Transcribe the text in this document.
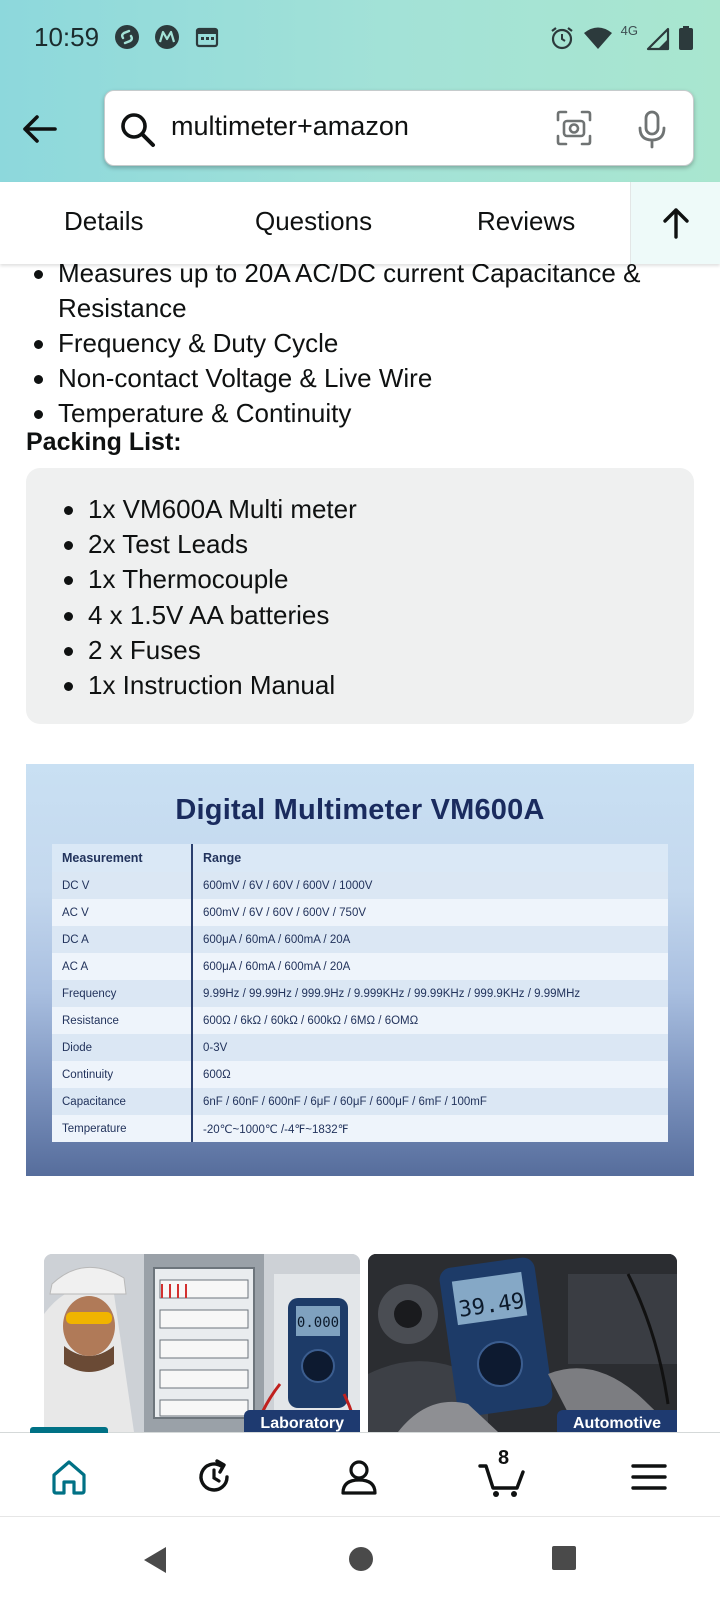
10:59	4G
multimeter+amazon
Details	Questions	Reviews
Measures up to 20A AC/DC current Capacitance & Resistance
Frequency & Duty Cycle
Non-contact Voltage & Live Wire
Temperature & Continuity
Packing List:
1x VM600A Multi meter
2x Test Leads
1x Thermocouple
4 x 1.5V AA batteries
2 x Fuses
1x Instruction Manual
Digital Multimeter VM600A
Measurement	Range
DC V	600mV / 6V / 60V / 600V / 1000V
AC V	600mV / 6V / 60V / 600V / 750V
DC A	600μA / 60mA / 600mA / 20A
AC A	600μA / 60mA / 600mA / 20A
Frequency	9.99Hz / 99.99Hz / 999.9Hz / 9.999KHz / 99.99KHz / 999.9KHz / 9.99MHz
Resistance	600Ω / 6kΩ / 60kΩ / 600kΩ / 6MΩ / 6OMΩ
Diode	0-3V
Continuity	600Ω
Capacitance	6nF / 60nF / 600nF / 6μF / 60μF / 600μF / 6mF / 100mF
Temperature	-20℃~1000℃ /-4℉~1832℉
0.000
Laboratory
39.49
Automotive
8
